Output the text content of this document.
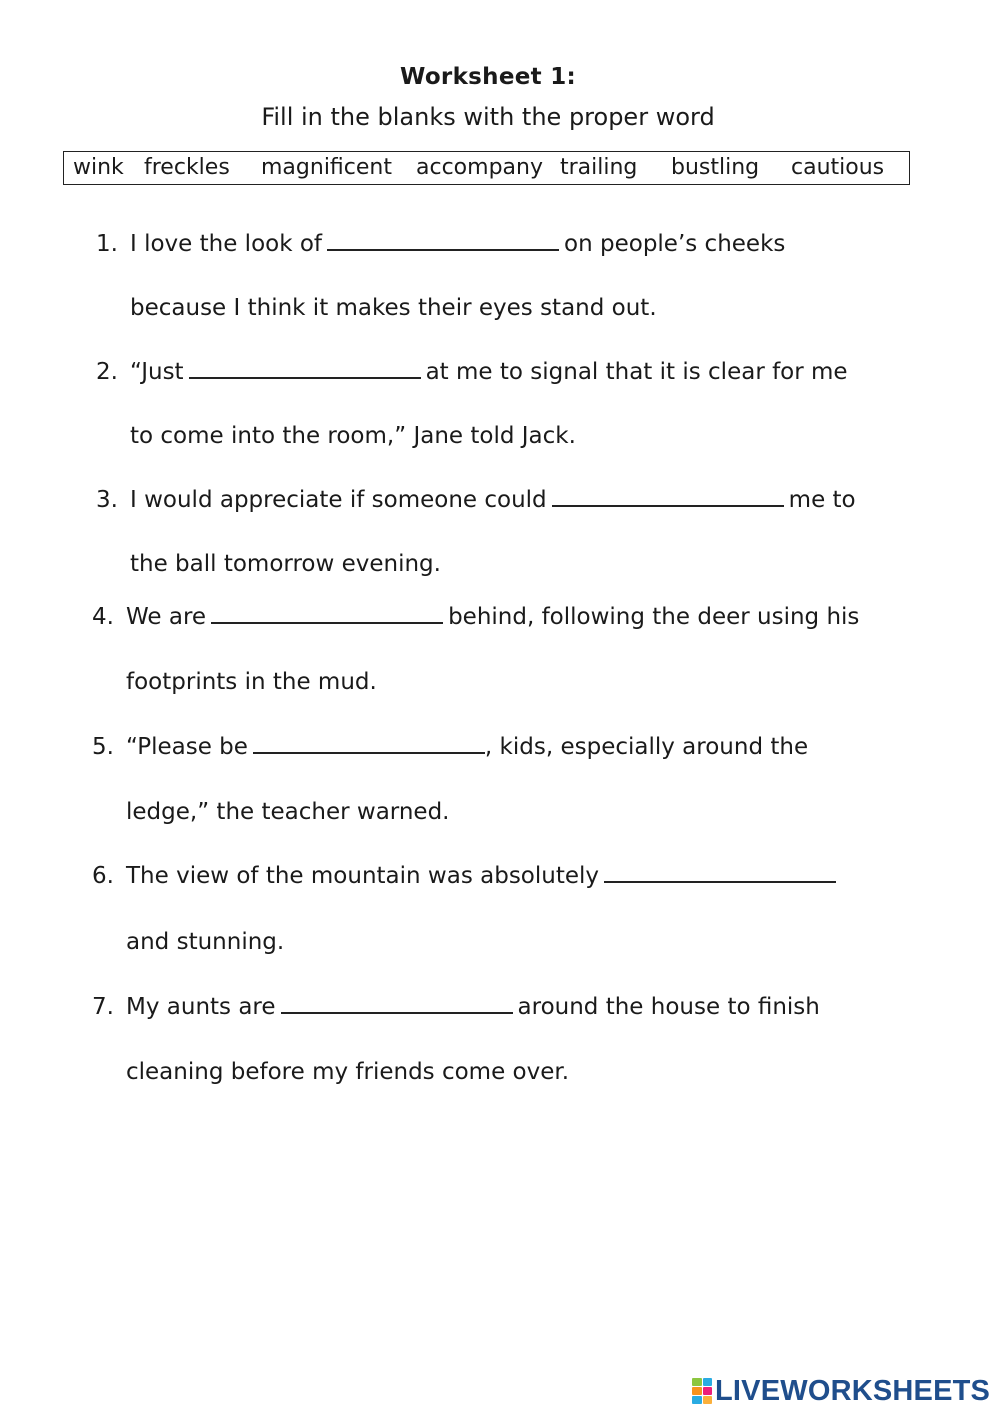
Worksheet 1:
Fill in the blanks with the proper word
wink freckles magnificent accompany trailing bustling cautious
1. I love the look of	on people’s cheeks
because I think it makes their eyes stand out.
2. “Just	at me to signal that it is clear for me
to come into the room,” Jane told Jack.
3. I would appreciate if someone could	me to
the ball tomorrow evening.
4. We are	behind, following the deer using his
footprints in the mud.
5. “Please be	, kids, especially around the
ledge,” the teacher warned.
6. The view of the mountain was absolutely
and stunning.
7. My aunts are	around the house to finish
cleaning before my friends come over.
LIVEWORKSHEETS
